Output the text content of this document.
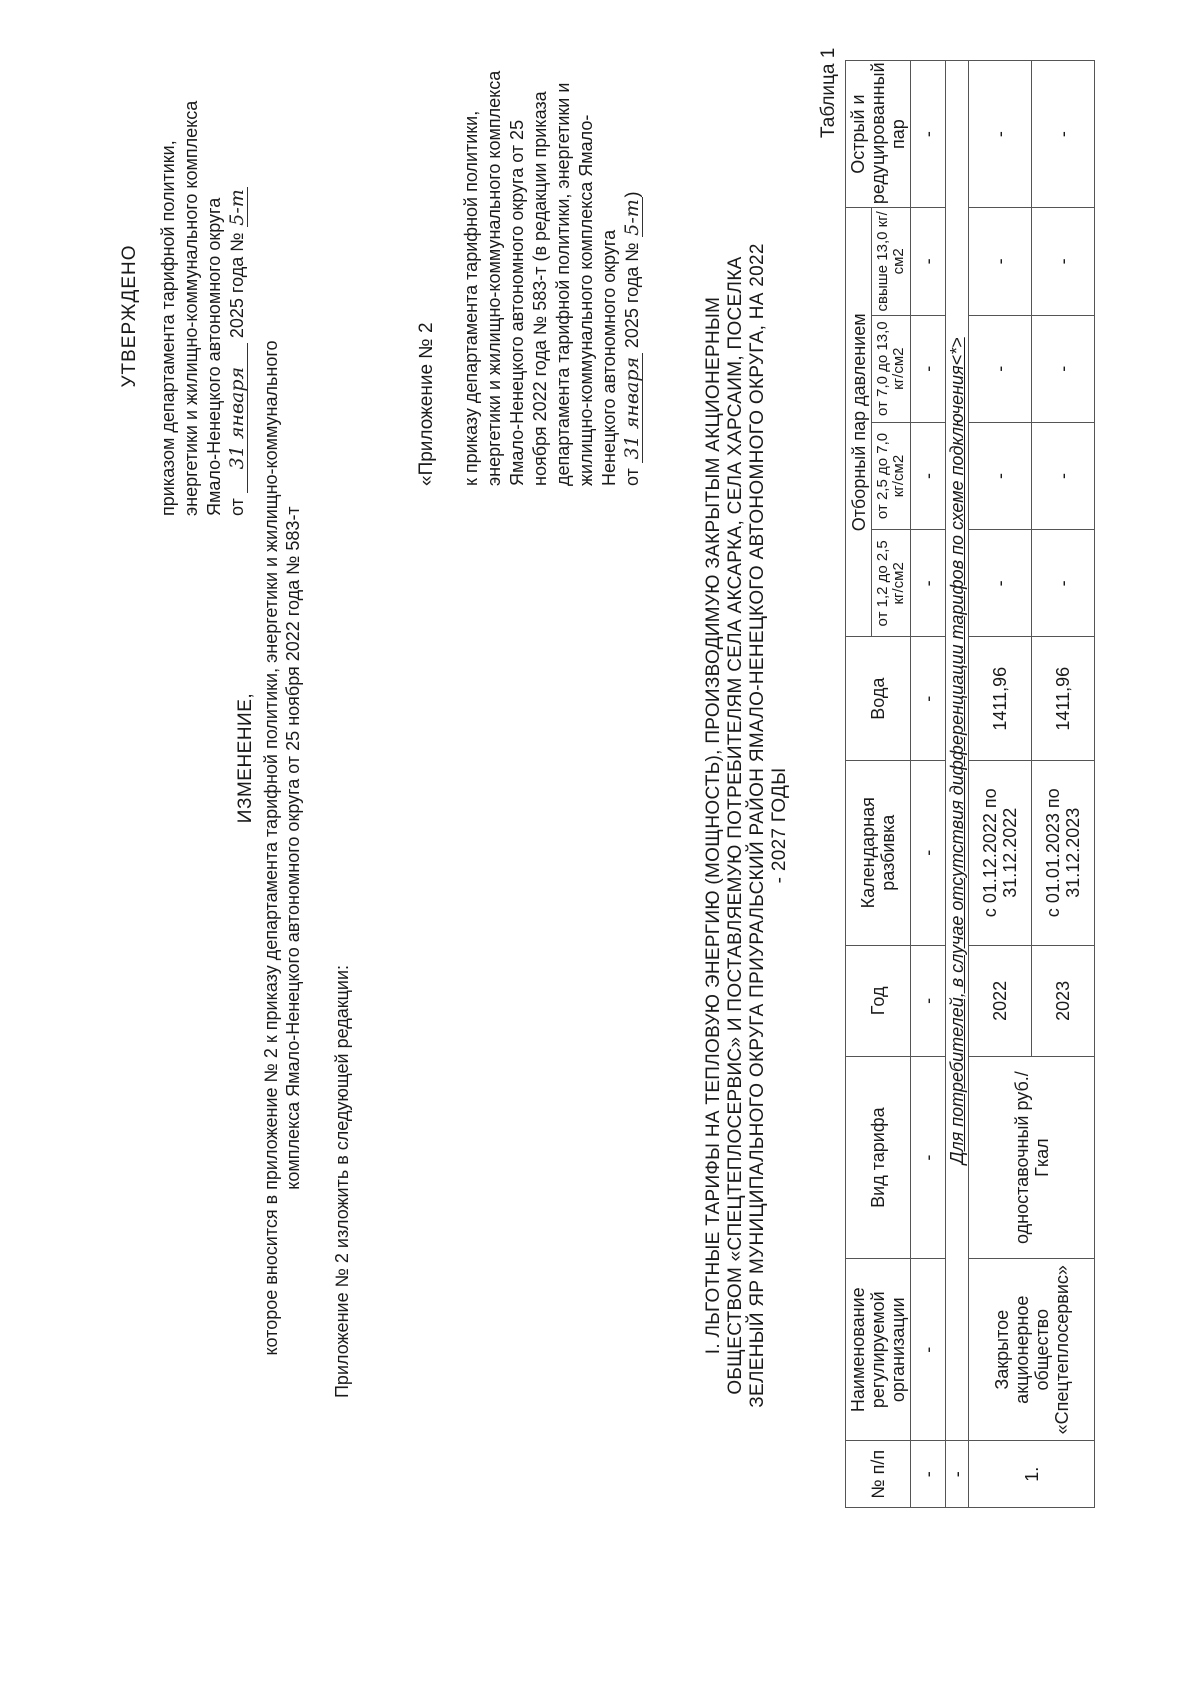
УТВЕРЖДЕНО приказом департамента тарифной политики, энергетики и жилищно-коммунального комплекса Ямало-Ненецкого автономного округа от 31 января 2025 года № 5-т
ИЗМЕНЕНИЕ, которое вносится в приложение № 2 к приказу департамента тарифной политики, энергетики и жилищно-коммунального комплекса Ямало-Ненецкого автономного округа от 25 ноября 2022 года № 583-т Приложение № 2 изложить в следующей редакции:
«Приложение № 2 к приказу департамента тарифной политики, энергетики и жилищно-коммунального комплекса Ямало-Ненецкого автономного округа от 25 ноября 2022 года № 583-т (в редакции приказа департамента тарифной политики, энергетики и жилищно-коммунального комплекса Ямало-Ненецкого автономного округа от 31 января 2025 года № 5-т)
I. ЛЬГОТНЫЕ ТАРИФЫ НА ТЕПЛОВУЮ ЭНЕРГИЮ (МОЩНОСТЬ), ПРОИЗВОДИМУЮ ЗАКРЫТЫМ АКЦИОНЕРНЫМ ОБЩЕСТВОМ «СПЕЦТЕПЛОСЕРВИС» И ПОСТАВЛЯЕМУЮ ПОТРЕБИТЕЛЯМ СЕЛА АКСАРКА, СЕЛА ХАРСАИМ, ПОСЕЛКА ЗЕЛЕНЫЙ ЯР МУНИЦИПАЛЬНОГО ОКРУГА ПРИУРАЛЬСКИЙ РАЙОН ЯМАЛО-НЕНЕЦКОГО АВТОНОМНОГО ОКРУГА, НА 2022 - 2027 ГОДЫ
Таблица 1
№ п/п	Наименование регулируемой организации	Вид тарифа	Год	Календарная разбивка	Вода	Отборный пар давлением				Острый и редуцированный пар
						от 1,2 до 2,5 кг/см2	от 2,5 до 7,0 кг/см2	от 7,0 до 13,0 кг/см2	свыше 13,0 кг/см2	
-	-	-	-	-	-	-	-	-	-	-
-	Для потребителей, в случае отсутствия дифференциации тарифов по схеме подключения<*>									
1.	Закрытое акционерное общество «Спецтеплосервис»	одноставочный руб./Гкал	2022	с 01.12.2022 по 31.12.2022	1411,96	-	-	-	-	-
			2023	с 01.01.2023 по 31.12.2023	1411,96	-	-	-	-	-
